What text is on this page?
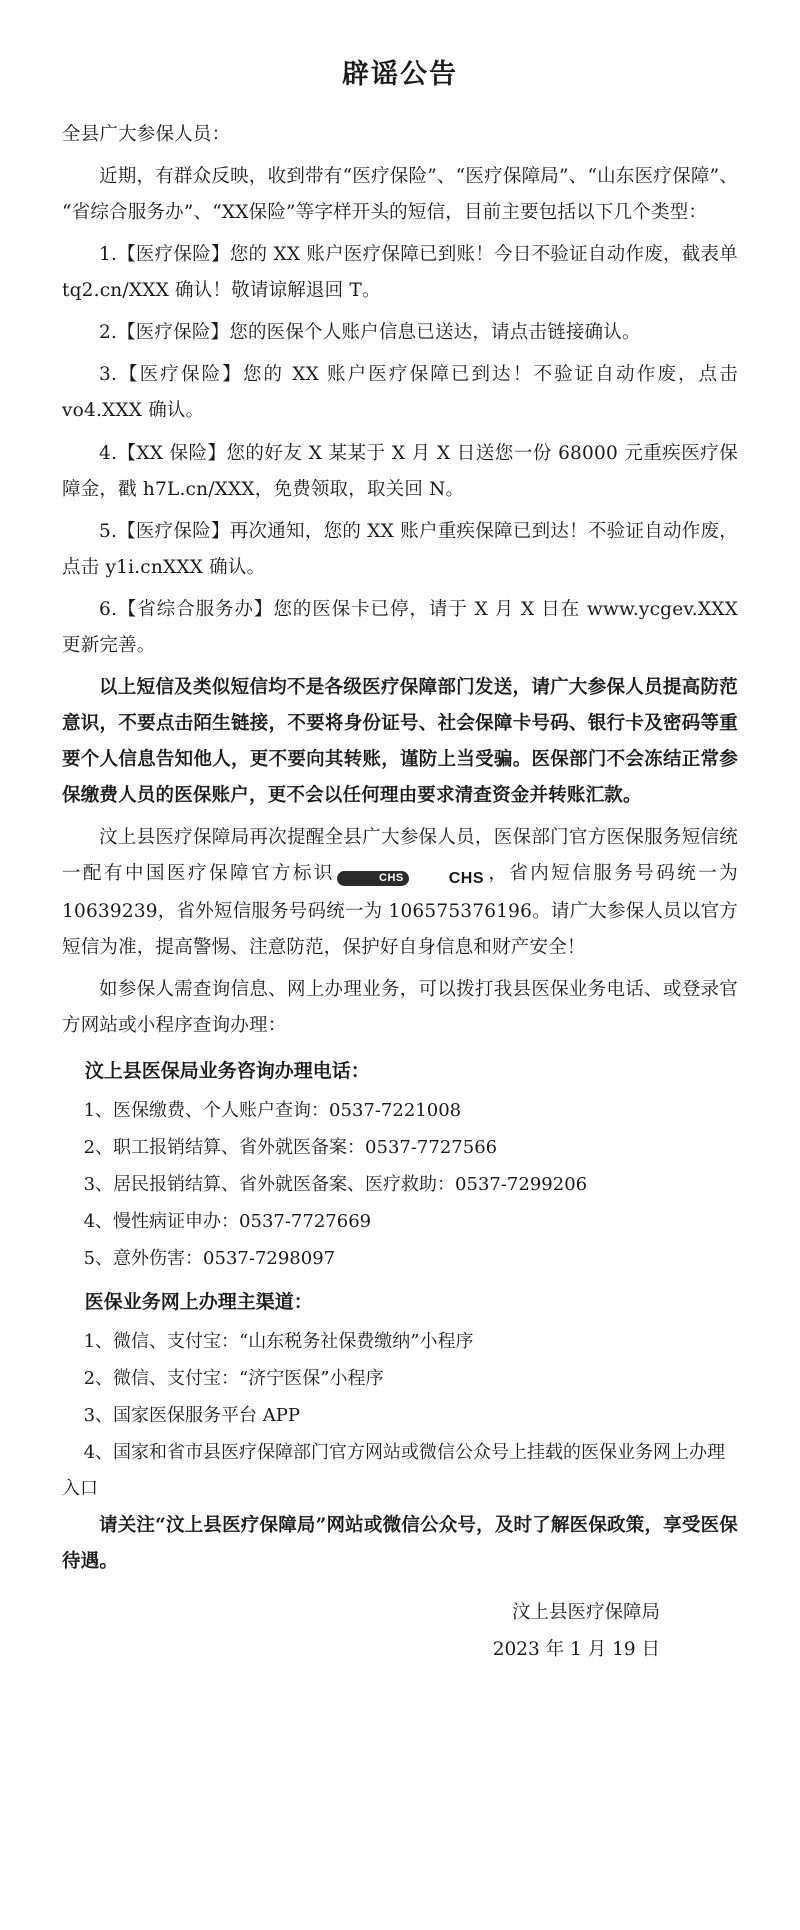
辟谣公告

全县广大参保人员：

近期，有群众反映，收到带有“医疗保险”、“医疗保障局”、“山东医疗保障”、“省综合服务办”、“XX保险”等字样开头的短信，目前主要包括以下几个类型：

1.【医疗保险】您的 XX 账户医疗保障已到账！今日不验证自动作废，截表单 tq2.cn/XXX 确认！敬请谅解退回 T。

2.【医疗保险】您的医保个人账户信息已送达，请点击链接确认。

3.【医疗保险】您的 XX 账户医疗保障已到达！不验证自动作废，点击 vo4.XXX 确认。

4.【XX 保险】您的好友 X 某某于 X 月 X 日送您一份 68000 元重疾医疗保障金，戳 h7L.cn/XXX，免费领取，取关回 N。

5.【医疗保险】再次通知，您的 XX 账户重疾保障已到达！不验证自动作废，点击 y1i.cnXXX 确认。

6.【省综合服务办】您的医保卡已停，请于 X 月 X 日在 www.ycgev.XXX 更新完善。

以上短信及类似短信均不是各级医疗保障部门发送，请广大参保人员提高防范意识，不要点击陌生链接，不要将身份证号、社会保障卡号码、银行卡及密码等重要个人信息告知他人，更不要向其转账，谨防上当受骗。医保部门不会冻结正常参保缴费人员的医保账户，更不会以任何理由要求清查资金并转账汇款。

汶上县医疗保障局再次提醒全县广大参保人员，医保部门官方医保服务短信统一配有中国医疗保障官方标识	CHS	CHS ，省内短信服务号码统一为 10639239，省外短信服务号码统一为 106575376196。请广大参保人员以官方短信为准，提高警惕、注意防范，保护好自身信息和财产安全！

如参保人需查询信息、网上办理业务，可以拨打我县医保业务电话、或登录官方网站或小程序查询办理：

汶上县医保局业务咨询办理电话：

1、医保缴费、个人账户查询：0537-7221008

2、职工报销结算、省外就医备案：0537-7727566

3、居民报销结算、省外就医备案、医疗救助：0537-7299206

4、慢性病证申办：0537-7727669

5、意外伤害：0537-7298097

医保业务网上办理主渠道：

1、微信、支付宝：“山东税务社保费缴纳”小程序

2、微信、支付宝：“济宁医保”小程序

3、国家医保服务平台 APP

4、国家和省市县医疗保障部门官方网站或微信公众号上挂载的医保业务网上办理入口

请关注“汶上县医疗保障局”网站或微信公众号，及时了解医保政策，享受医保待遇。

汶上县医疗保障局
2023 年 1 月 19 日
